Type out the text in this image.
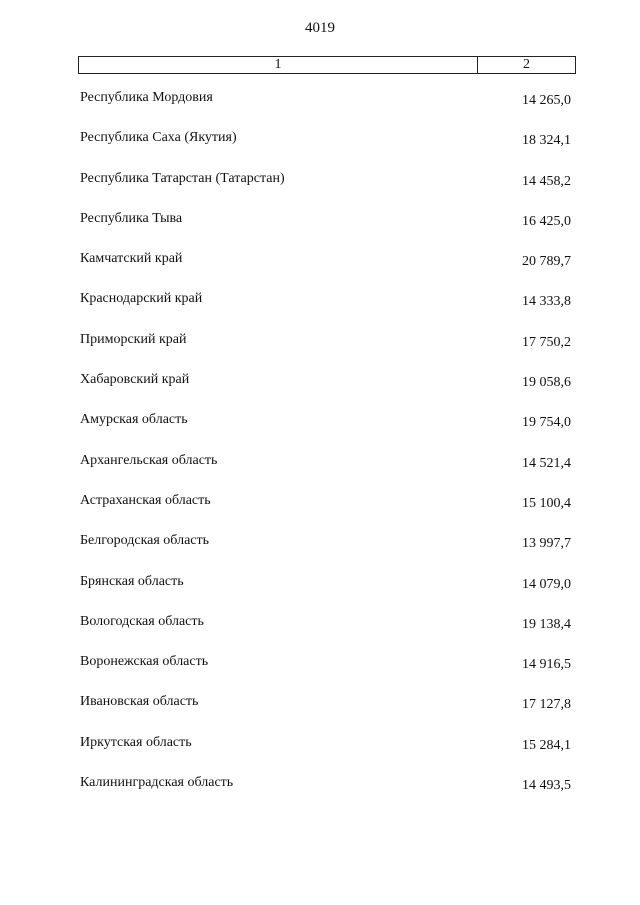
4019
1	2
Республика Мордовия	14 265,0
Республика Саха (Якутия)	18 324,1
Республика Татарстан (Татарстан)	14 458,2
Республика Тыва	16 425,0
Камчатский край	20 789,7
Краснодарский край	14 333,8
Приморский край	17 750,2
Хабаровский край	19 058,6
Амурская область	19 754,0
Архангельская область	14 521,4
Астраханская область	15 100,4
Белгородская область	13 997,7
Брянская область	14 079,0
Вологодская область	19 138,4
Воронежская область	14 916,5
Ивановская область	17 127,8
Иркутская область	15 284,1
Калининградская область	14 493,5
